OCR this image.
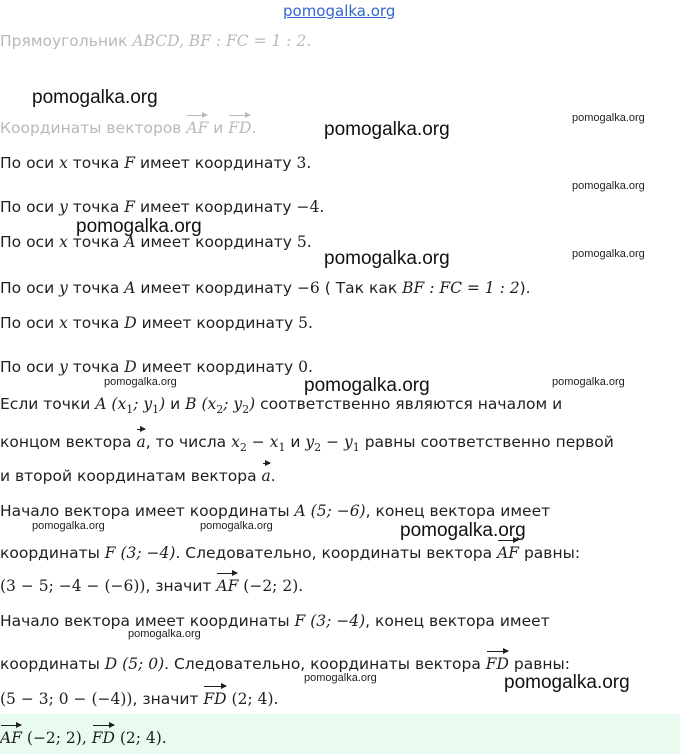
pomogalka.org
pomogalka.org
pomogalka.org
pomogalka.org
pomogalka.org
pomogalka.org
pomogalka.org	pomogalka.org
pomogalka.org	pomogalka.org	pomogalka.org
pomogalka.org	pomogalka.org	pomogalka.org
pomogalka.org
pomogalka.org	pomogalka.org
Прямоугольник ABCD, BF : FC = 1 : 2.
Координаты векторов AF и FD.
По оси x точка F имеет координату 3.
По оси y точка F имеет координату −4.
По оси x точка A имеет координату 5.
По оси y точка A имеет координату −6 ( Так как BF : FC = 1 : 2).
По оси x точка D имеет координату 5.
По оси y точка D имеет координату 0.
Если точки A ($x_1$; $y_1$) и B ($x_2$; $y_2$) соответственно являются началом и
концом вектора a, то числа $x_2 - x_1$ и $y_2 - y_1$ равны соответственно первой
и второй координатам вектора a.
Начало вектора имеет координаты A (5; −6), конец вектора имеет
координаты F (3; −4). Следовательно, координаты вектора AF равны:
(3 − 5; −4 − (−6)), значит AF (−2; 2).
Начало вектора имеет координаты F (3; −4), конец вектора имеет
координаты D (5; 0). Следовательно, координаты вектора FD равны:
(5 − 3; 0 − (−4)), значит FD (2; 4).
AF (−2; 2), FD (2; 4).
